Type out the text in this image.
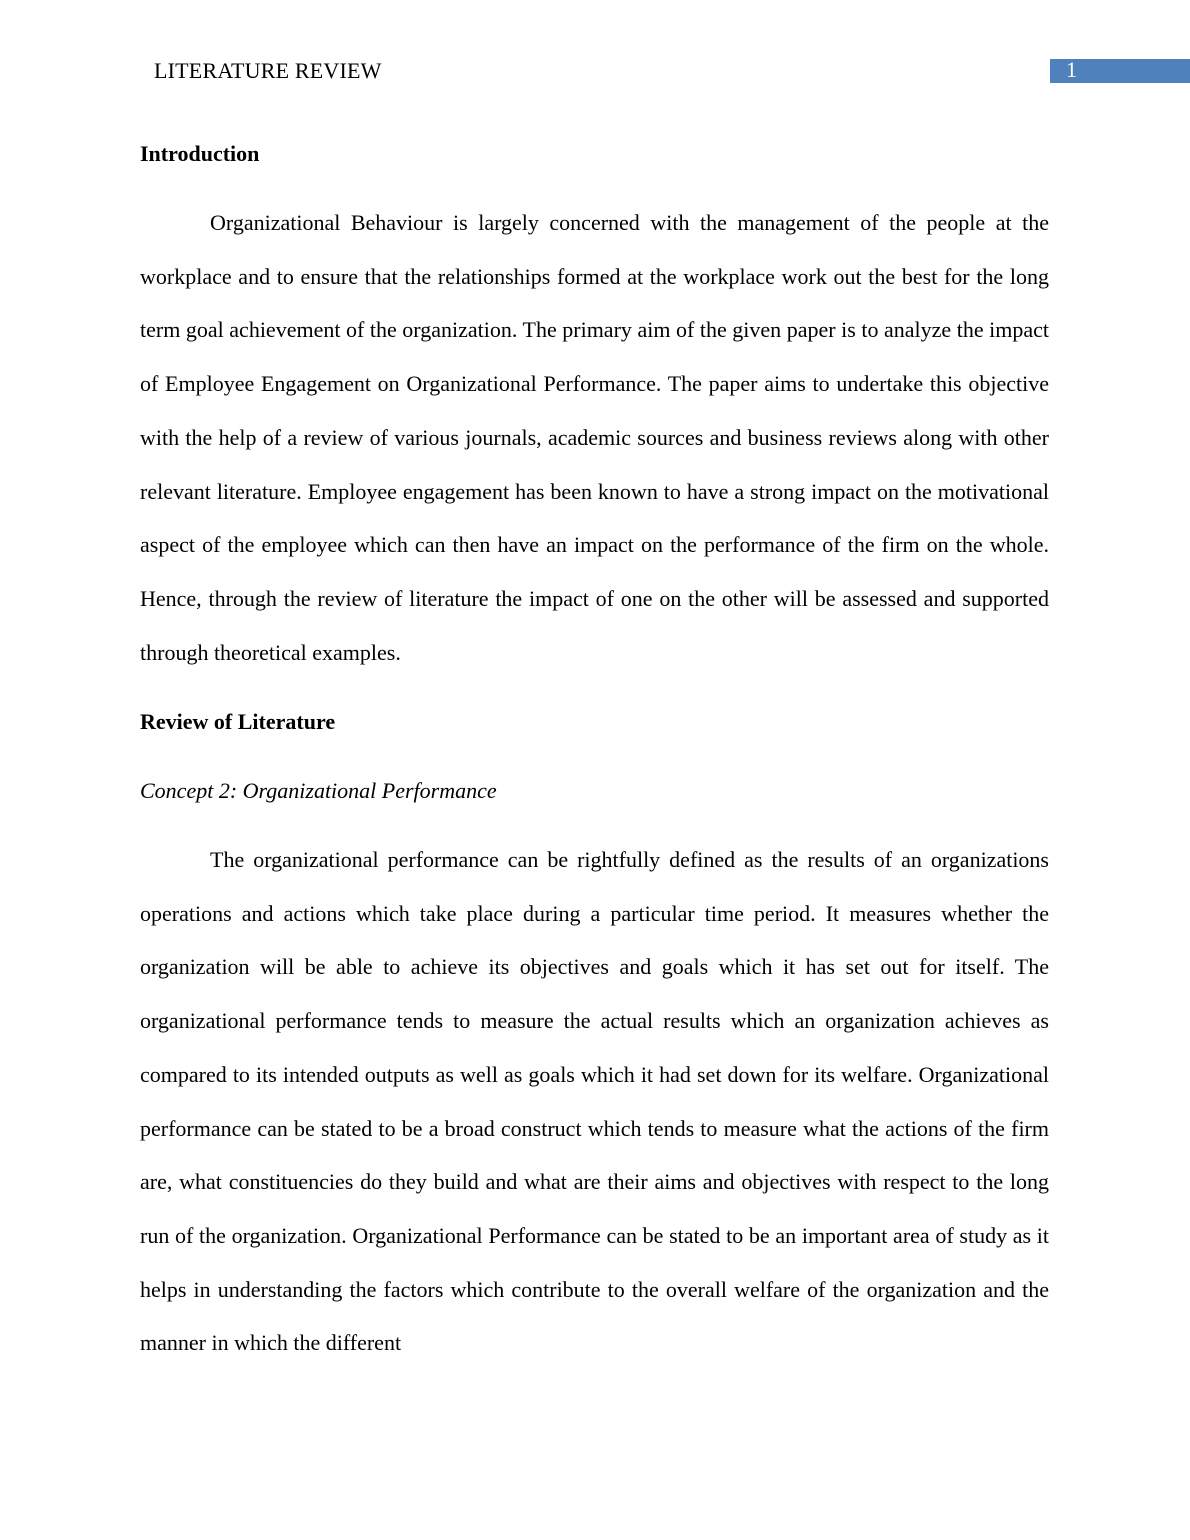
LITERATURE REVIEW	1
Introduction

Organizational Behaviour is largely concerned with the management of the people at the workplace and to ensure that the relationships formed at the workplace work out the best for the long term goal achievement of the organization. The primary aim of the given paper is to analyze the impact of Employee Engagement on Organizational Performance. The paper aims to undertake this objective with the help of a review of various journals, academic sources and business reviews along with other relevant literature. Employee engagement has been known to have a strong impact on the motivational aspect of the employee which can then have an impact on the performance of the firm on the whole. Hence, through the review of literature the impact of one on the other will be assessed and supported through theoretical examples.

Review of Literature
Concept 2: Organizational Performance

The organizational performance can be rightfully defined as the results of an organizations operations and actions which take place during a particular time period. It measures whether the organization will be able to achieve its objectives and goals which it has set out for itself. The organizational performance tends to measure the actual results which an organization achieves as compared to its intended outputs as well as goals which it had set down for its welfare. Organizational performance can be stated to be a broad construct which tends to measure what the actions of the firm are, what constituencies do they build and what are their aims and objectives with respect to the long run of the organization. Organizational Performance can be stated to be an important area of study as it helps in understanding the factors which contribute to the overall welfare of the organization and the manner in which the different
